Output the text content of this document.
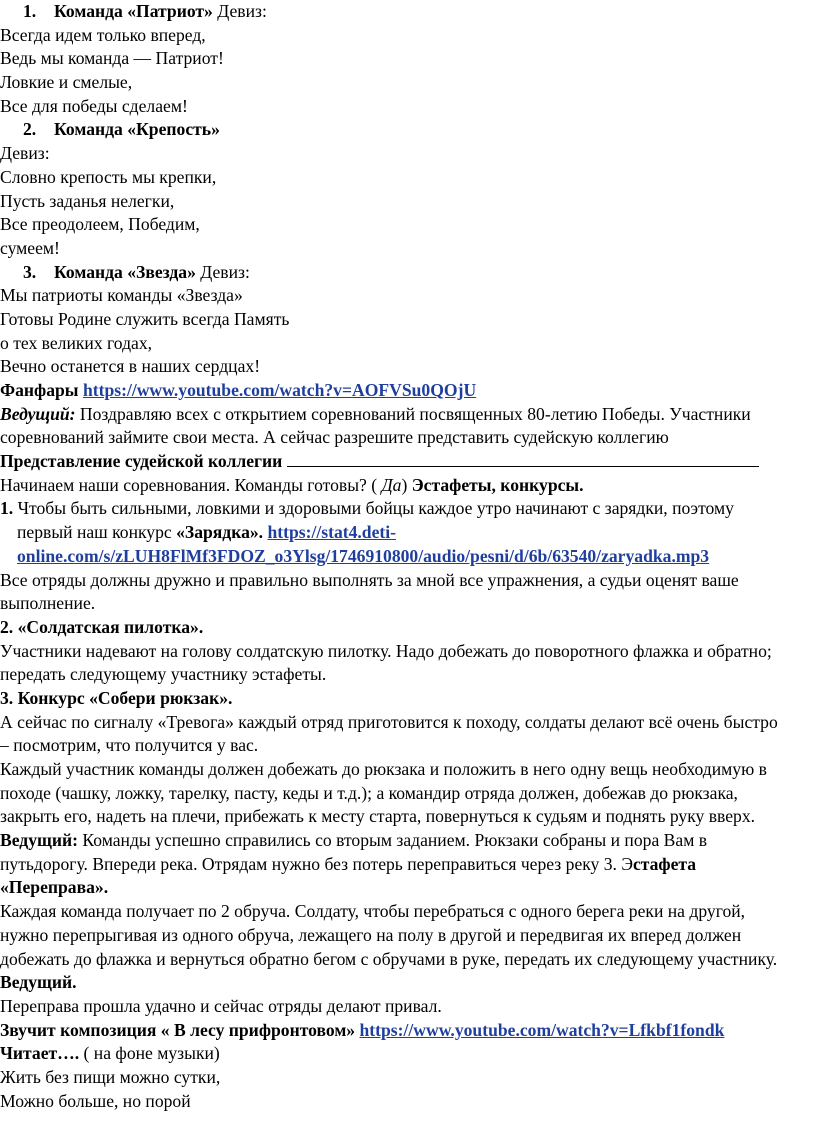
1. Команда «Патриот» Девиз:
Всегда идем только вперед,
Ведь мы команда — Патриот!
Ловкие и смелые,
Все для победы сделаем!
2. Команда «Крепость»
Девиз:
Словно крепость мы крепки,
Пусть заданья нелегки,
Все преодолеем, Победим,
сумеем!
3. Команда «Звезда» Девиз:
Мы патриоты команды «Звезда»
Готовы Родине служить всегда Память
о тех великих годах,
Вечно останется в наших сердцах!
Фанфары https://www.youtube.com/watch?v=AOFVSu0QOjU
Ведущий: Поздравляю всех с открытием соревнований посвященных 80-летию Победы. Участники
соревнований займите свои места. А сейчас разрешите представить судейскую коллегию
Представление судейской коллегии
Начинаем наши соревнования. Команды готовы? ( Да) Эстафеты, конкурсы.
1. Чтобы быть сильными, ловкими и здоровыми бойцы каждое утро начинают с зарядки, поэтому
первый наш конкурс «Зарядка». https://stat4.deti-
online.com/s/zLUH8FlMf3FDOZ_o3Ylsg/1746910800/audio/pesni/d/6b/63540/zaryadka.mp3
Все отряды должны дружно и правильно выполнять за мной все упражнения, а судьи оценят ваше
выполнение.
2. «Солдатская пилотка».
Участники надевают на голову солдатскую пилотку. Надо добежать до поворотного флажка и обратно;
передать следующему участнику эстафеты.
3. Конкурс «Собери рюкзак».
А сейчас по сигналу «Тревога» каждый отряд приготовится к походу, солдаты делают всё очень быстро
– посмотрим, что получится у вас.
Каждый участник команды должен добежать до рюкзака и положить в него одну вещь необходимую в
походе (чашку, ложку, тарелку, пасту, кеды и т.д.); а командир отряда должен, добежав до рюкзака,
закрыть его, надеть на плечи, прибежать к месту старта, повернуться к судьям и поднять руку вверх.
Ведущий: Команды успешно справились со вторым заданием. Рюкзаки собраны и пора Вам в
путьдорогу. Впереди река. Отрядам нужно без потерь переправиться через реку 3. Эстафета
«Переправа».
Каждая команда получает по 2 обруча. Солдату, чтобы перебраться с одного берега реки на другой,
нужно перепрыгивая из одного обруча, лежащего на полу в другой и передвигая их вперед должен
добежать до флажка и вернуться обратно бегом с обручами в руке, передать их следующему участнику.
Ведущий.
Переправа прошла удачно и сейчас отряды делают привал.
Звучит композиция « В лесу прифронтовом» https://www.youtube.com/watch?v=Lfkbf1fondk
Читает…. ( на фоне музыки)
Жить без пищи можно сутки,
Можно больше, но порой
